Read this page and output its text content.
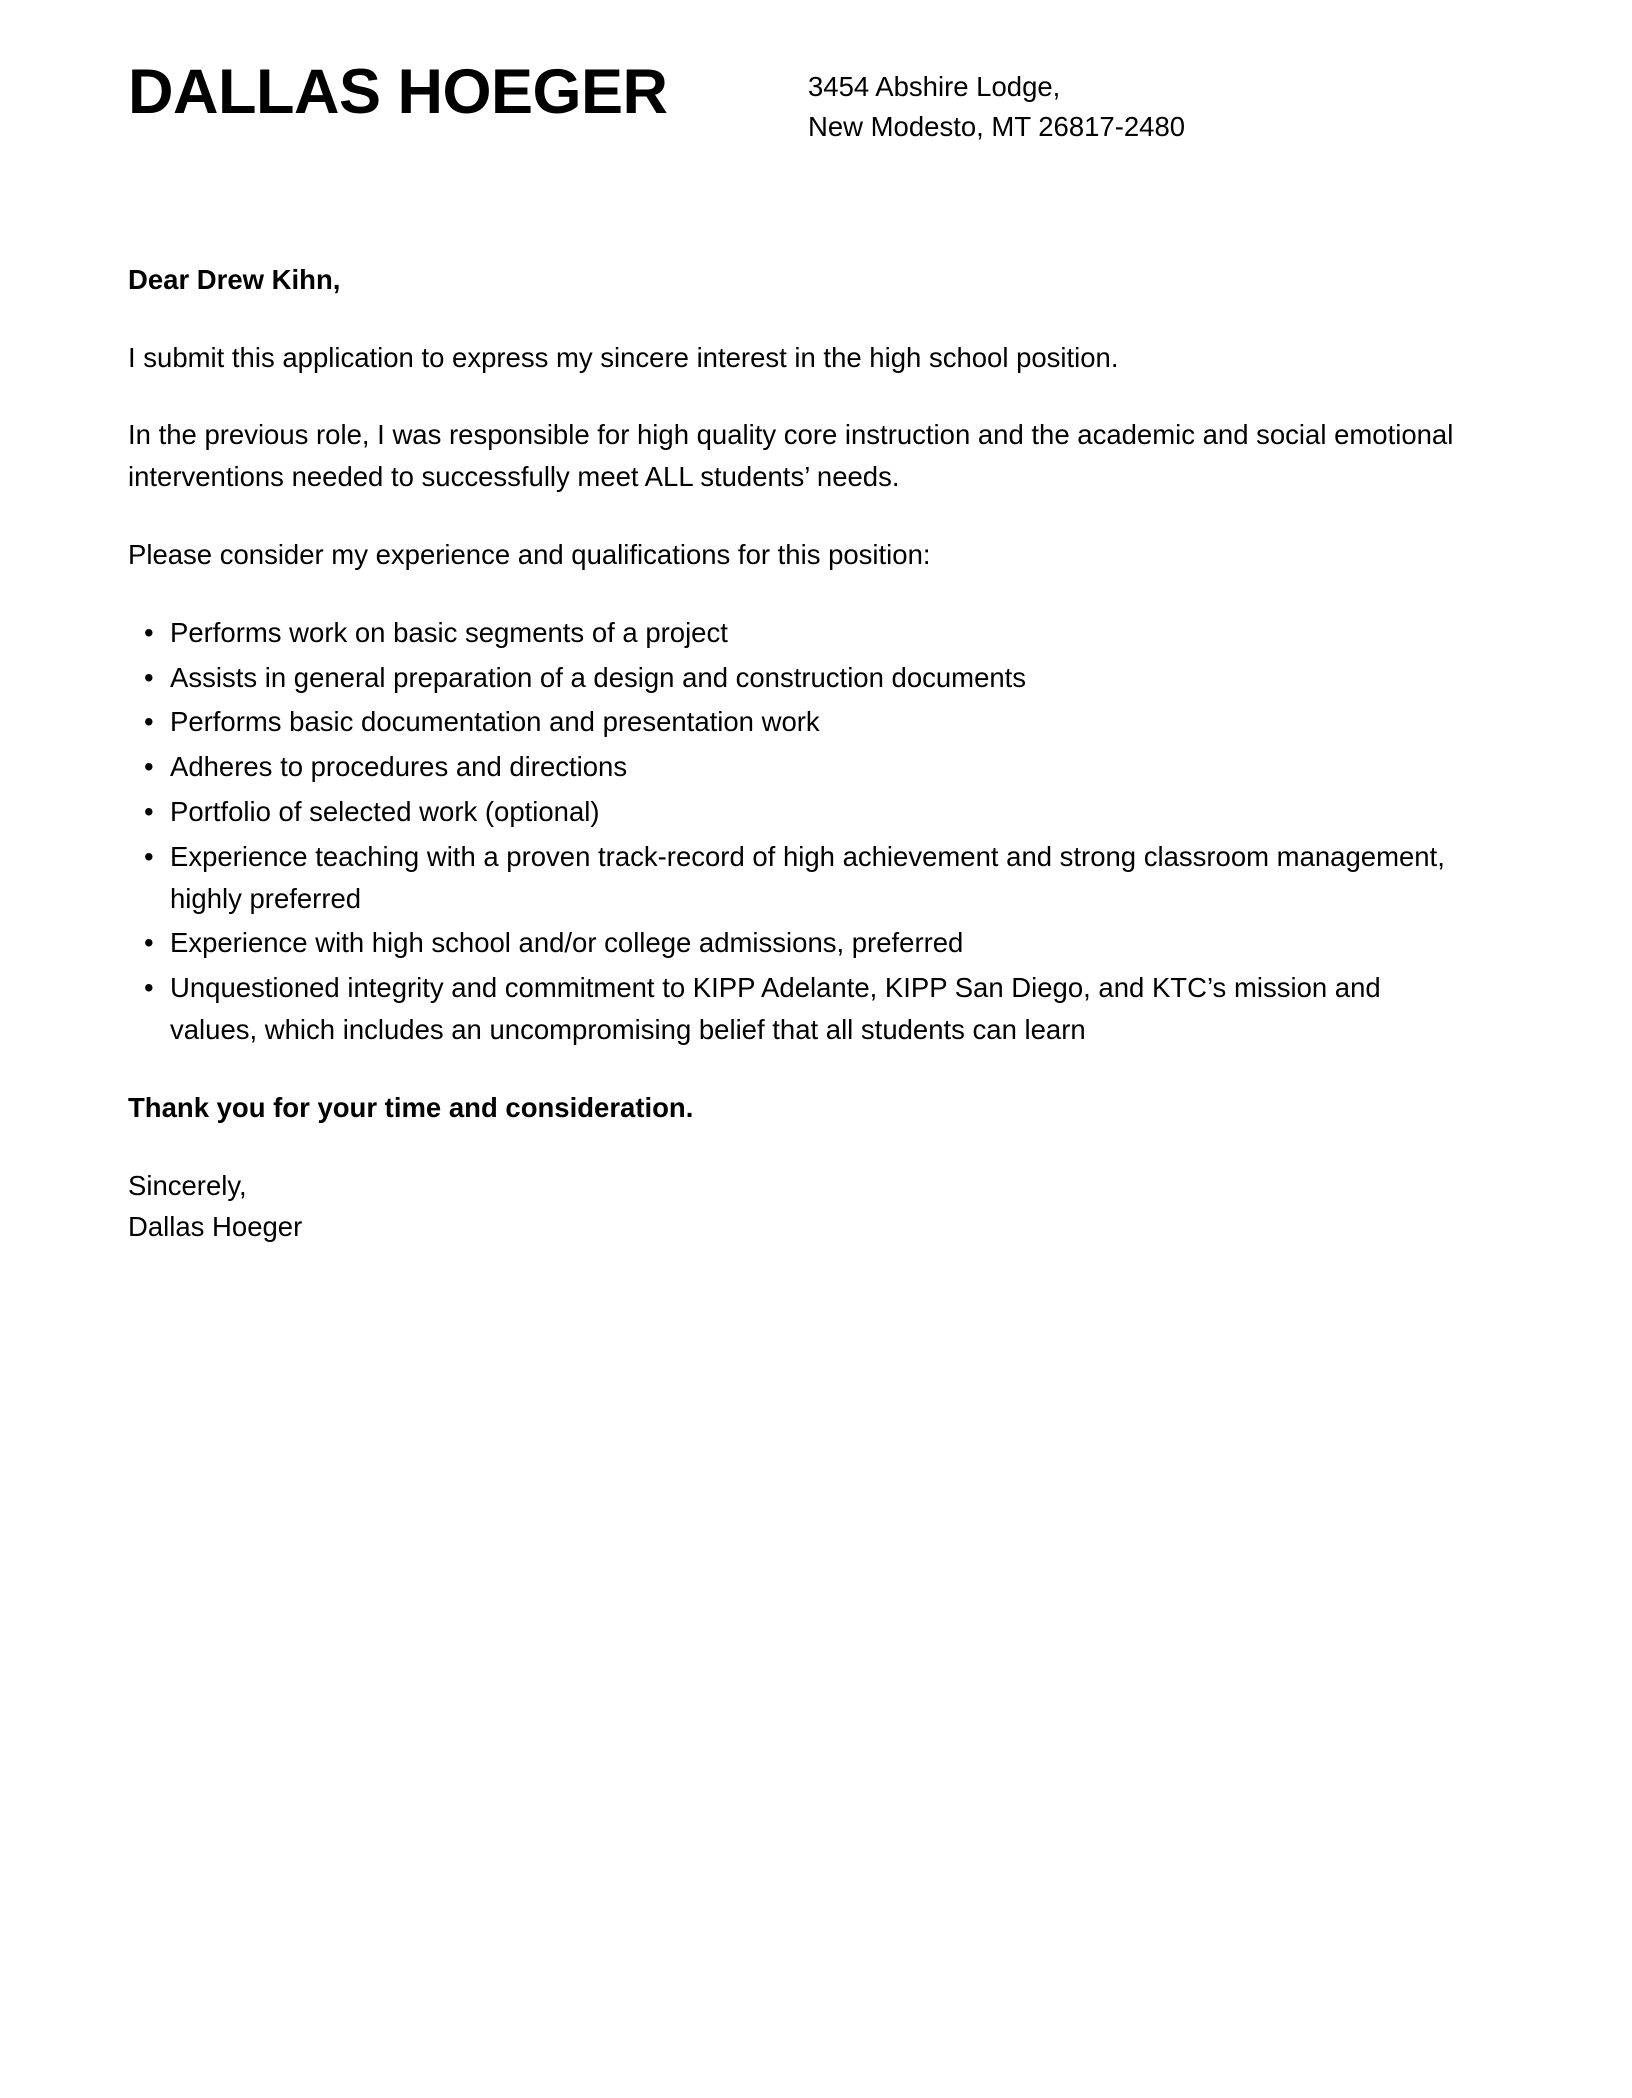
DALLAS HOEGER	3454 Abshire Lodge,
New Modesto, MT 26817-2480

Dear Drew Kihn,

I submit this application to express my sincere interest in the high school position.

In the previous role, I was responsible for high quality core instruction and the academic and social emotional interventions needed to successfully meet ALL students’ needs.

Please consider my experience and qualifications for this position:

• Performs work on basic segments of a project
• Assists in general preparation of a design and construction documents
• Performs basic documentation and presentation work
• Adheres to procedures and directions
• Portfolio of selected work (optional)
• Experience teaching with a proven track-record of high achievement and strong classroom management, highly preferred
• Experience with high school and/or college admissions, preferred
• Unquestioned integrity and commitment to KIPP Adelante, KIPP San Diego, and KTC’s mission and values, which includes an uncompromising belief that all students can learn

Thank you for your time and consideration.

Sincerely,
Dallas Hoeger
